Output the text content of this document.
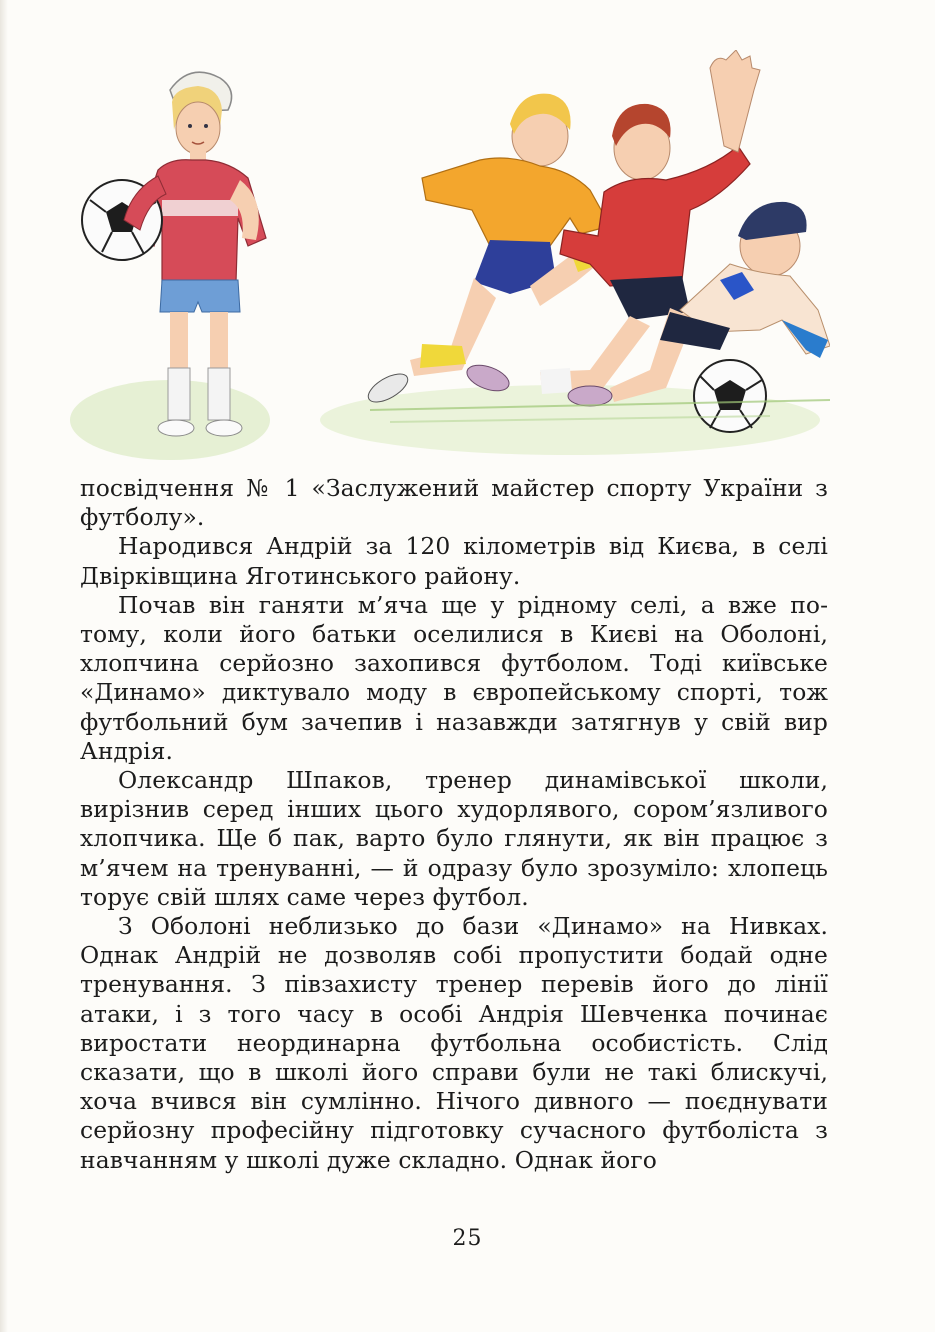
посвідчення № 1 «Заслужений майстер спорту України з футболу».

Народився Андрій за 120 кілометрів від Києва, в селі Двірківщина Яготинського району.

Почав він ганяти м’яча ще у рідному селі, а вже потому, коли його батьки оселилися в Києві на Оболоні, хлопчина серйозно захопився футболом. Тоді київське «Динамо» диктувало моду в європейському спорті, тож футбольний бум зачепив і назавжди затягнув у свій вир Андрія.

Олександр Шпаков, тренер динамівської школи, вирізнив серед інших цього худорлявого, сором’язливого хлопчика. Ще б пак, варто було глянути, як він працює з м’ячем на тренуванні, — й одразу було зрозуміло: хлопець торує свій шлях саме через футбол.

З Оболоні неблизько до бази «Динамо» на Нивках. Однак Андрій не дозволяв собі пропустити бодай одне тренування. З півзахисту тренер перевів його до лінії атаки, і з того часу в особі Андрія Шевченка починає виростати неординарна футбольна особистість. Слід сказати, що в школі його справи були не такі блискучі, хоча вчився він сумлінно. Нічого дивного — поєднувати серйозну професійну підготовку сучасного футболіста з навчанням у школі дуже складно. Однак його

25
